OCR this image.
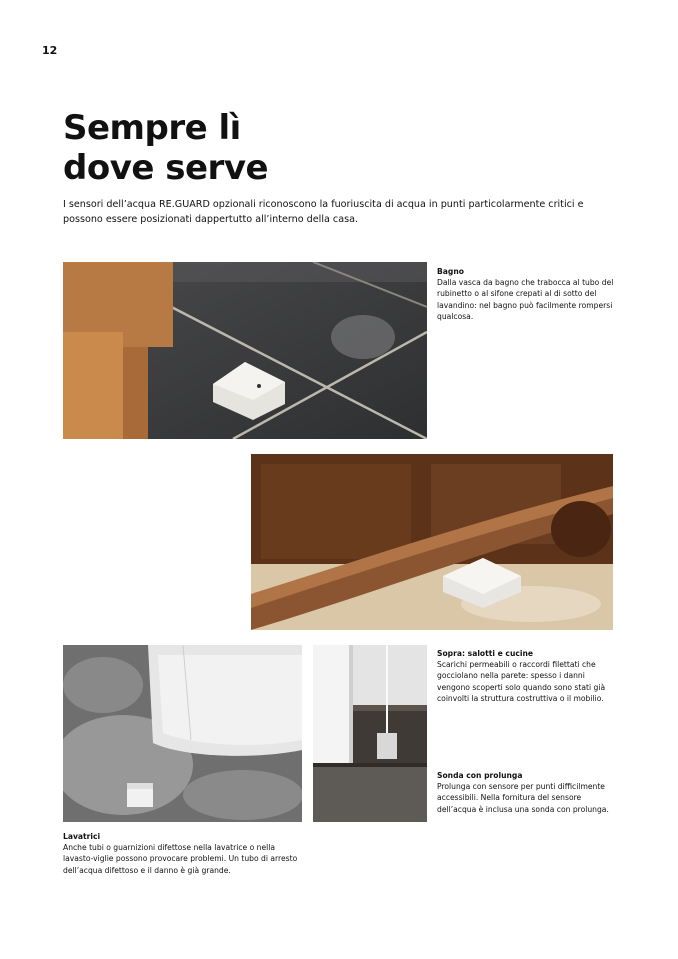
12
Sempre lì
dove serve

I sensori dell’acqua RE.GUARD opzionali riconoscono la fuoriuscita di acqua in punti particolarmente critici e possono essere posizionati dappertutto all’interno della casa.

Bagno
Dalla vasca da bagno che trabocca al tubo del rubinetto o al sifone crepati al di sotto del lavandino: nel bagno può facilmente rompersi qualcosa.
Lavatrici
Anche tubi o guarnizioni difettose nella lavatrice o nella lavasto-viglie possono provocare problemi. Un tubo di arresto dell’acqua difettoso e il danno è già grande.
Sopra: salotti e cucine
Scarichi permeabili o raccordi filettati che gocciolano nella parete: spesso i danni vengono scoperti solo quando sono stati già coinvolti la struttura costruttiva o il mobilio.
Sonda con prolunga
Prolunga con sensore per punti difficilmente accessibili. Nella fornitura del sensore dell’acqua è inclusa una sonda con prolunga.
